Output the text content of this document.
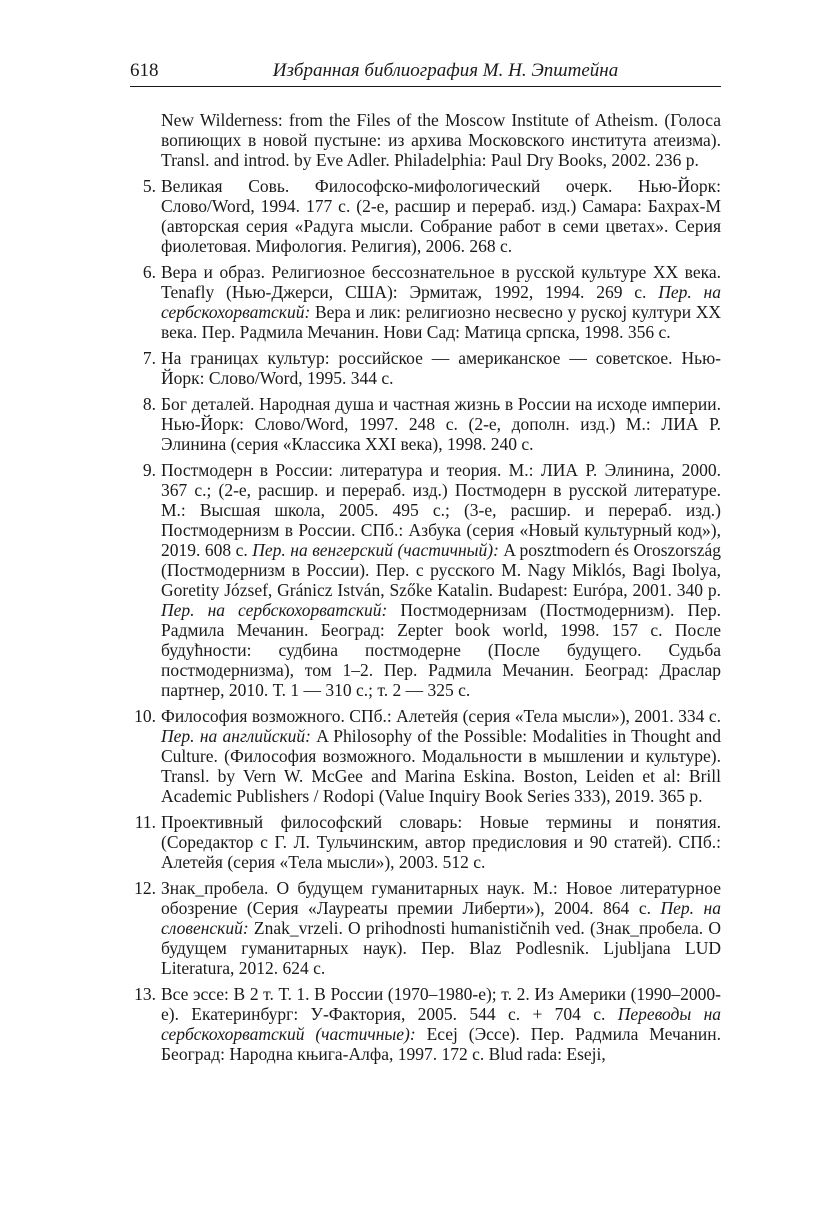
618	Избранная библиография М. Н. Эпштейна
New Wilderness: from the Files of the Moscow Institute of Atheism. (Голоса вопиющих в новой пустыне: из архива Московского института атеизма). Transl. and introd. by Eve Adler. Philadelphia: Paul Dry Books, 2002. 236 p.
5. Великая Совь. Философско-мифологический очерк. Нью-Йорк: Слово/Word, 1994. 177 с. (2-е, расшир и перераб. изд.) Самара: Бахрах-М (авторская серия «Радуга мысли. Собрание работ в семи цветах». Серия фиолетовая. Мифология. Религия), 2006. 268 с.
6. Вера и образ. Религиозное бессознательное в русской культуре XX века. Tenafly (Нью-Джерси, США): Эрмитаж, 1992, 1994. 269 с. Пер. на сербскохорватский: Вера и лик: религиозно несвесно у руској култури XX века. Пер. Радмила Мечанин. Нови Сад: Матица српска, 1998. 356 с.
7. На границах культур: российское — американское — советское. Нью-Йорк: Слово/Word, 1995. 344 с.
8. Бог деталей. Народная душа и частная жизнь в России на исходе империи. Нью-Йорк: Слово/Word, 1997. 248 с. (2-е, дополн. изд.) М.: ЛИА Р. Элинина (серия «Классика XXI века), 1998. 240 с.
9. Постмодерн в России: литература и теория. М.: ЛИА Р. Элинина, 2000. 367 с.; (2-е, расшир. и перераб. изд.) Постмодерн в русской литературе. М.: Высшая школа, 2005. 495 с.; (3-е, расшир. и перераб. изд.) Постмодернизм в России. СПб.: Азбука (серия «Новый культурный код»), 2019. 608 с. Пер. на венгерский (частичный): A posztmodern és Oroszország (Постмодернизм в России). Пер. с русского M. Nagy Miklós, Bagi Ibolya, Goretity József, Gránicz István, Szőke Katalin. Budapest: Európa, 2001. 340 p. Пер. на сербскохорватский: Постмодернизам (Постмодернизм). Пер. Радмила Мечанин. Београд: Zepter book world, 1998. 157 с. После будућности: судбина постмодерне (После будущего. Судьба постмодернизма), том 1–2. Пер. Радмила Мечанин. Београд: Драслар партнер, 2010. Т. 1 — 310 с.; т. 2 — 325 с.
10. Философия возможного. СПб.: Алетейя (серия «Тела мысли»), 2001. 334 с. Пер. на английский: A Philosophy of the Possible: Modalities in Thought and Culture. (Философия возможного. Модальности в мышлении и культуре). Transl. by Vern W. McGee and Marina Eskina. Boston, Leiden et al: Brill Academic Publishers / Rodopi (Value Inquiry Book Series 333), 2019. 365 p.
11. Проективный философский словарь: Новые термины и понятия. (Соредактор с Г. Л. Тульчинским, автор предисловия и 90 статей). СПб.: Алетейя (серия «Тела мысли»), 2003. 512 с.
12. Знак_пробела. О будущем гуманитарных наук. М.: Новое литературное обозрение (Серия «Лауреаты премии Либерти»), 2004. 864 с. Пер. на словенский: Znak_vrzeli. O prihodnosti humanističnih ved. (Знак_пробела. О будущем гуманитарных наук). Пер. Blaz Podlesnik. Ljubljana LUD Literatura, 2012. 624 с.
13. Все эссе: В 2 т. Т. 1. В России (1970–1980-е); т. 2. Из Америки (1990–2000-е). Екатеринбург: У-Фактория, 2005. 544 с. + 704 с. Переводы на сербскохорватский (частичные): Есеј (Эссе). Пер. Радмила Мечанин. Београд: Народна књига-Алфа, 1997. 172 с. Blud rada: Eseji,
